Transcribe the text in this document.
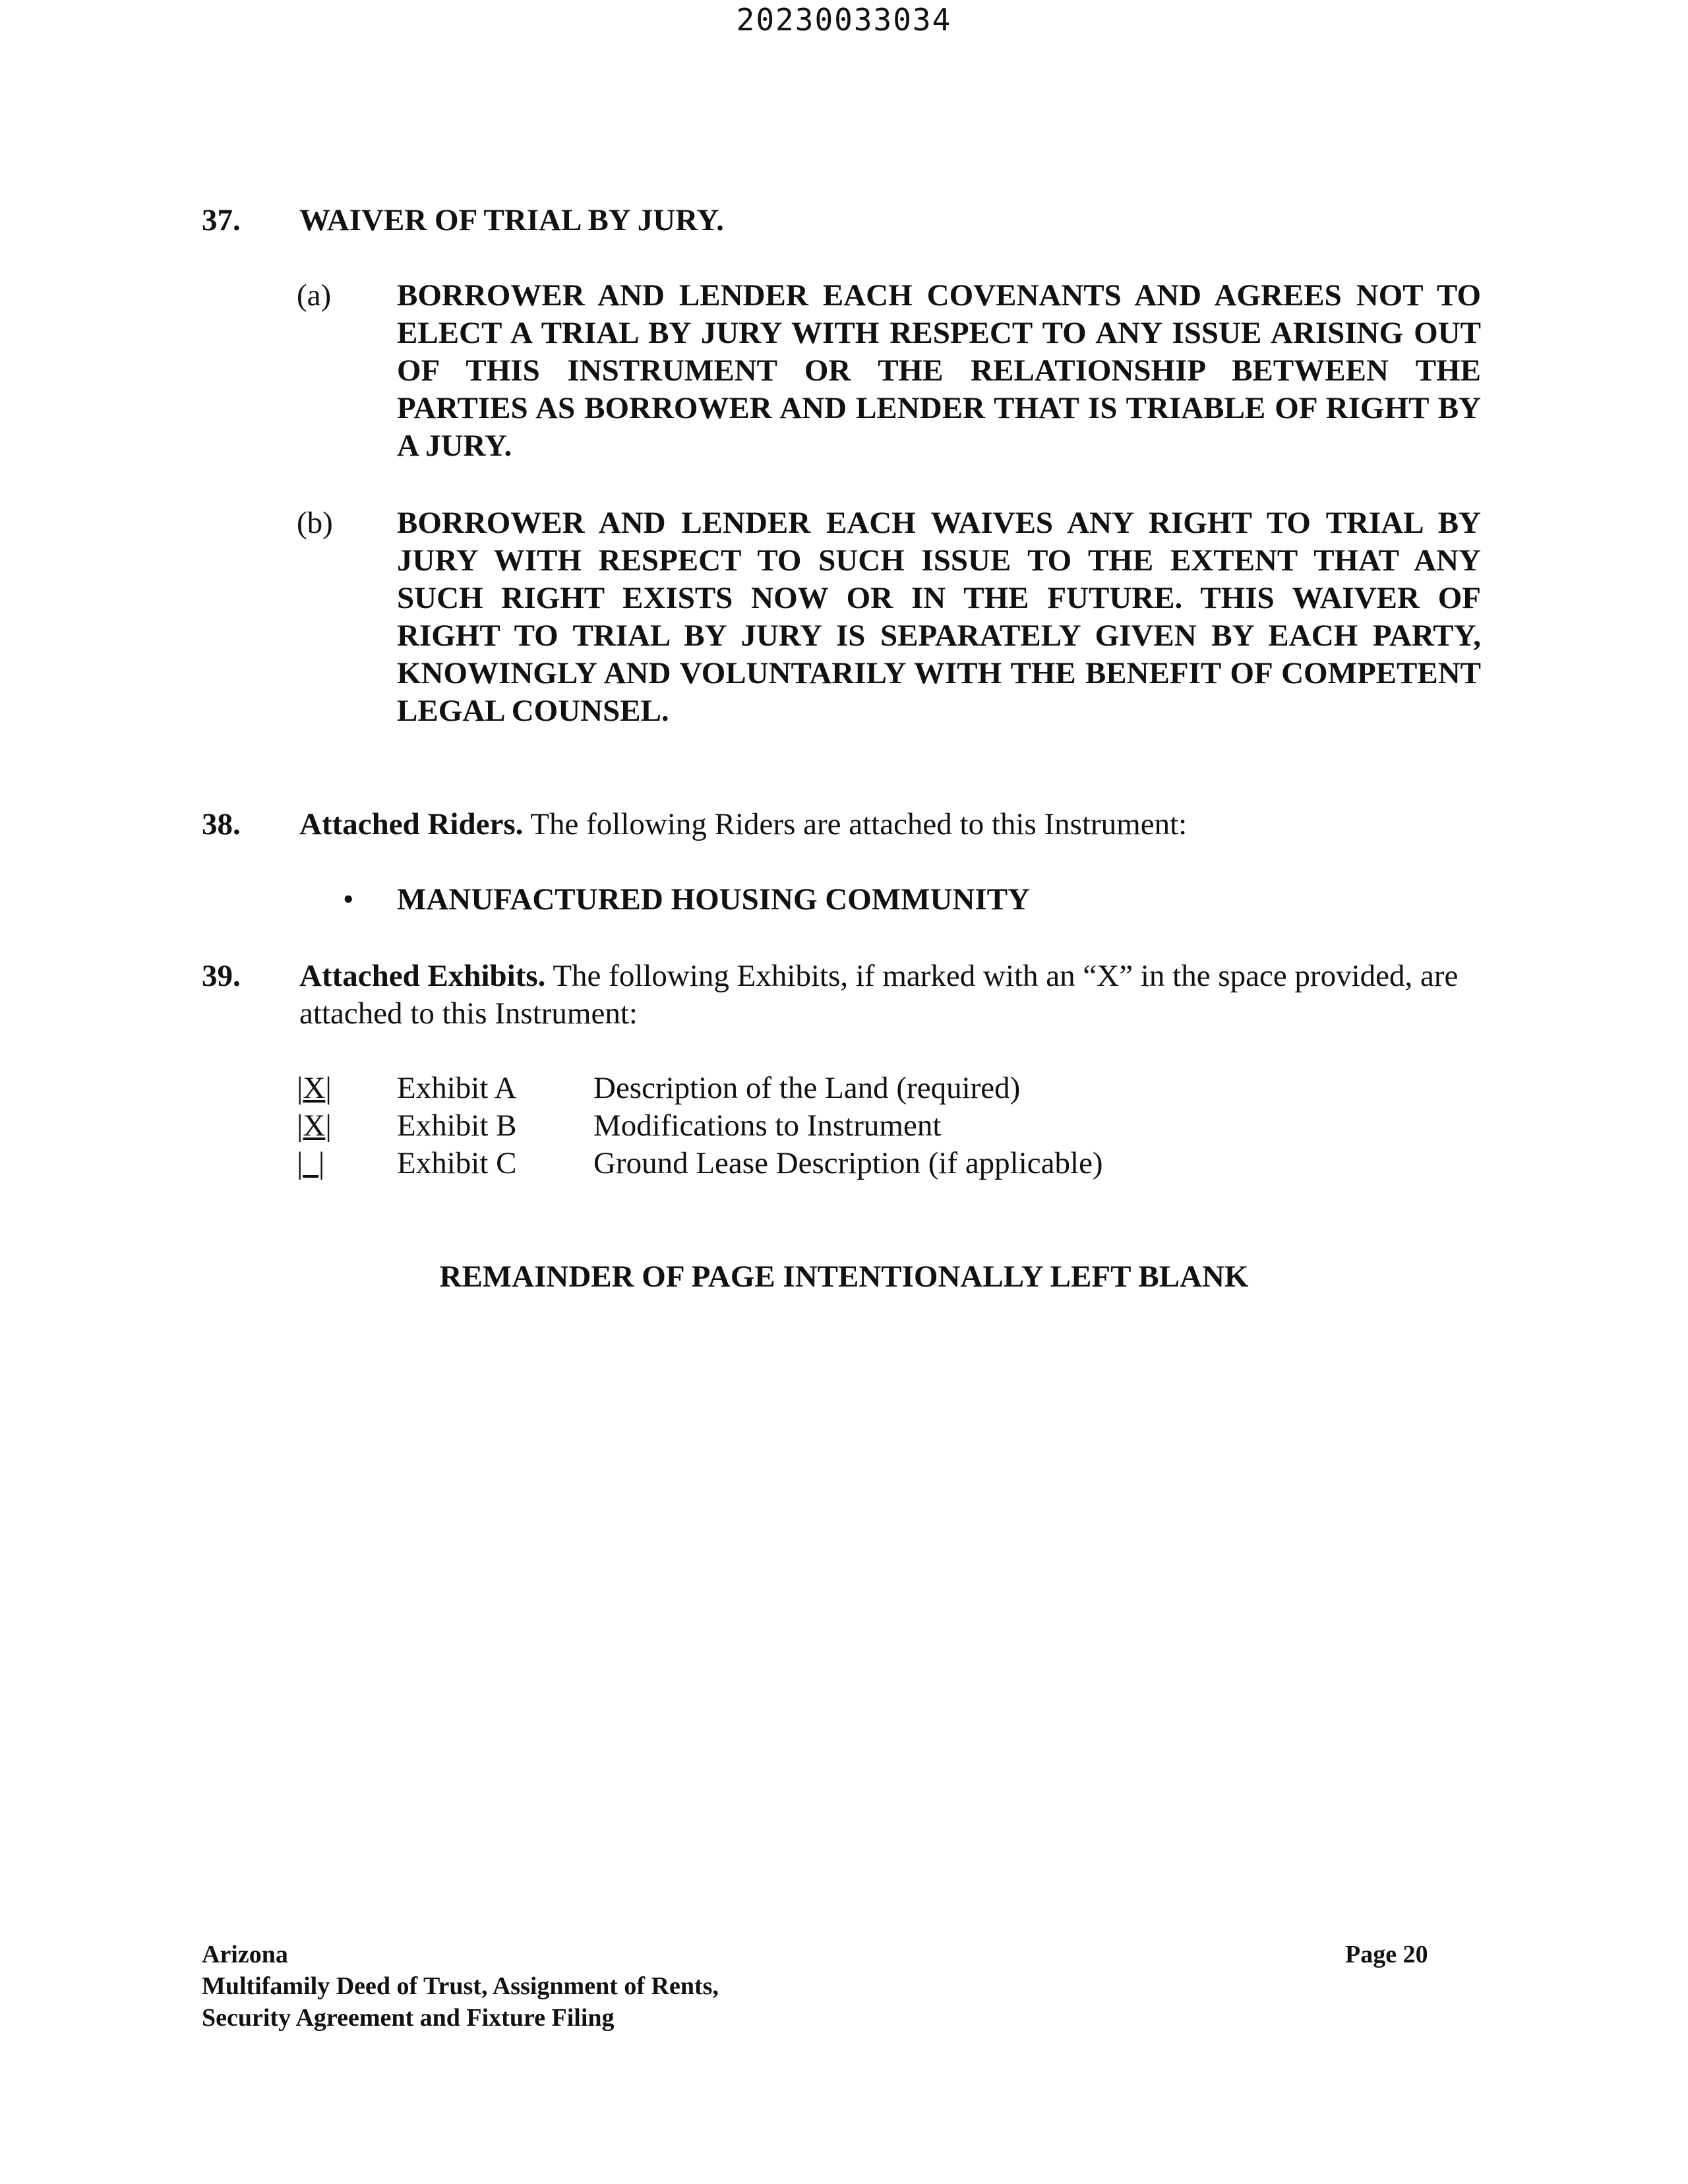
20230033034
37. WAIVER OF TRIAL BY JURY.
(a) BORROWER AND LENDER EACH COVENANTS AND AGREES NOT TO ELECT A TRIAL BY JURY WITH RESPECT TO ANY ISSUE ARISING OUT OF THIS INSTRUMENT OR THE RELATIONSHIP BETWEEN THE PARTIES AS BORROWER AND LENDER THAT IS TRIABLE OF RIGHT BY A JURY.
(b) BORROWER AND LENDER EACH WAIVES ANY RIGHT TO TRIAL BY JURY WITH RESPECT TO SUCH ISSUE TO THE EXTENT THAT ANY SUCH RIGHT EXISTS NOW OR IN THE FUTURE. THIS WAIVER OF RIGHT TO TRIAL BY JURY IS SEPARATELY GIVEN BY EACH PARTY, KNOWINGLY AND VOLUNTARILY WITH THE BENEFIT OF COMPETENT LEGAL COUNSEL.
38. Attached Riders. The following Riders are attached to this Instrument:
• MANUFACTURED HOUSING COMMUNITY
39. Attached Exhibits. The following Exhibits, if marked with an “X” in the space provided, are attached to this Instrument:
|X| Exhibit A Description of the Land (required)
|X| Exhibit B Modifications to Instrument
|_| Exhibit C Ground Lease Description (if applicable)
REMAINDER OF PAGE INTENTIONALLY LEFT BLANK
Arizona
Multifamily Deed of Trust, Assignment of Rents,
Security Agreement and Fixture Filing
Page 20
